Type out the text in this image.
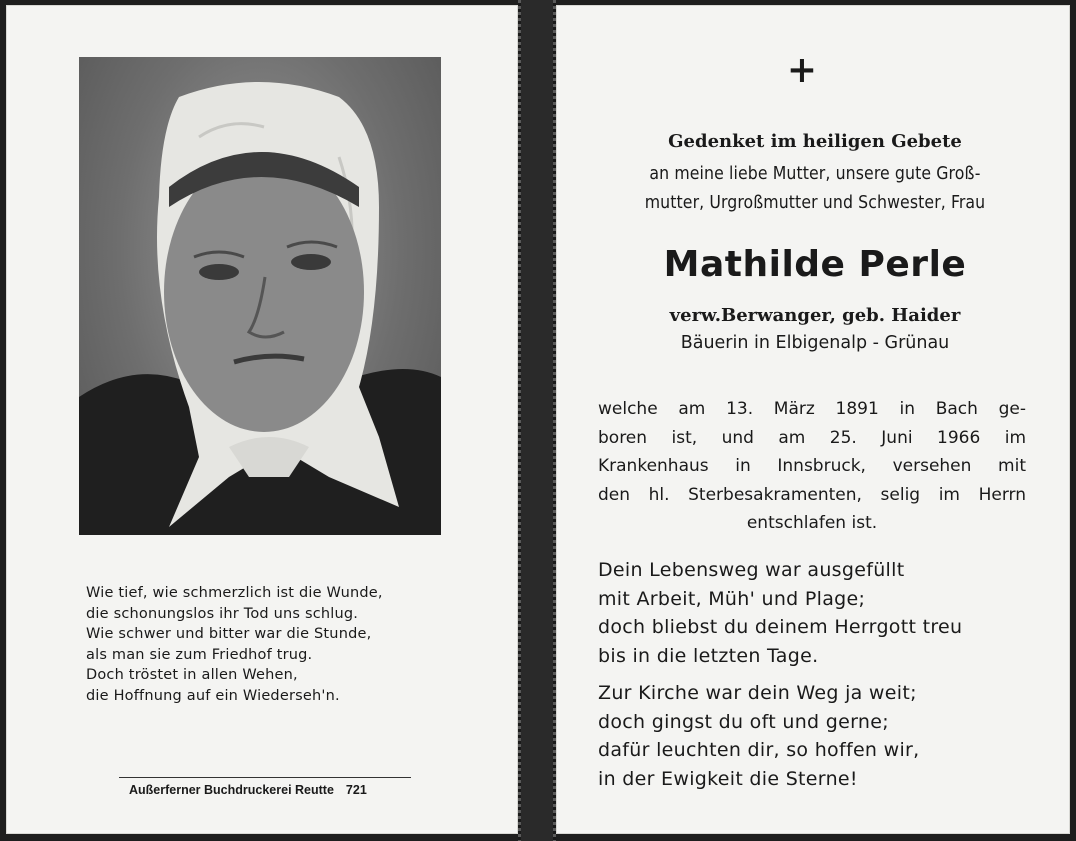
Wie tief, wie schmerzlich ist die Wunde,
die schonungslos ihr Tod uns schlug.
Wie schwer und bitter war die Stunde,
als man sie zum Friedhof trug.
Doch tröstet in allen Wehen,
die Hoffnung auf ein Wiederseh'n.
Außerferner Buchdruckerei Reutte 721
+
Gedenket im heiligen Gebete
an meine liebe Mutter, unsere gute Groß-
mutter, Urgroßmutter und Schwester, Frau
Mathilde Perle
verw.Berwanger, geb. Haider
Bäuerin in Elbigenalp - Grünau
welche am 13. März 1891 in Bach ge-
boren ist, und am 25. Juni 1966 im
Krankenhaus in Innsbruck, versehen mit
den hl. Sterbesakramenten, selig im Herrn
entschlafen ist.
Dein Lebensweg war ausgefüllt
mit Arbeit, Müh' und Plage;
doch bliebst du deinem Herrgott treu
bis in die letzten Tage.
Zur Kirche war dein Weg ja weit;
doch gingst du oft und gerne;
dafür leuchten dir, so hoffen wir,
in der Ewigkeit die Sterne!
